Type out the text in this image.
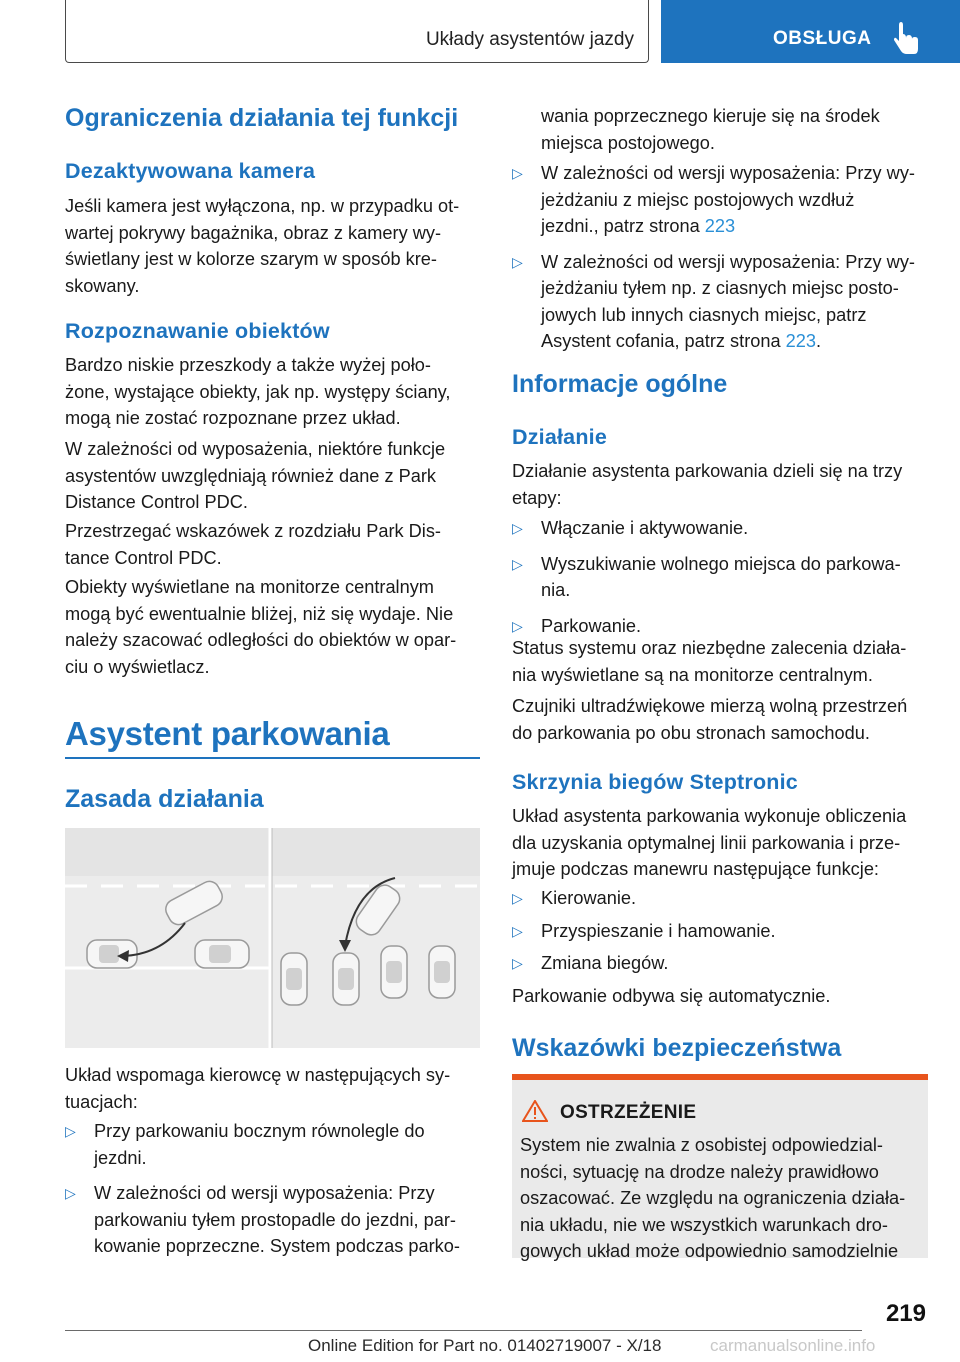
Układy asystentów jazdy	OBSŁUGA

Ograniczenia działania tej funkcji

Dezaktywowana kamera

Jeśli kamera jest wyłączona, np. w przypadku ot-

wartej pokrywy bagażnika, obraz z kamery wy-

świetlany jest w kolorze szarym w sposób kre-

skowany.

Rozpoznawanie obiektów

Bardzo niskie przeszkody a także wyżej poło-

żone, wystające obiekty, jak np. występy ściany,

mogą nie zostać rozpoznane przez układ.

W zależności od wyposażenia, niektóre funkcje

asystentów uwzględniają również dane z Park

Distance Control PDC.

Przestrzegać wskazówek z rozdziału Park Dis-

tance Control PDC.

Obiekty wyświetlane na monitorze centralnym

mogą być ewentualnie bliżej, niż się wydaje. Nie

należy szacować odległości do obiektów w opar-

ciu o wyświetlacz.

Asystent parkowania

Zasada działania

Układ wspomaga kierowcę w następujących sy-

tuacjach:

▷ Przy parkowaniu bocznym równolegle do
jezdni.
▷ W zależności od wersji wyposażenia: Przy
parkowaniu tyłem prostopadle do jezdni, par-
kowanie poprzeczne. System podczas parko-

wania poprzecznego kieruje się na środek

miejsca postojowego.

▷ W zależności od wersji wyposażenia: Przy wy-
jeżdżaniu z miejsc postojowych wzdłuż
jezdni., patrz strona 223
▷ W zależności od wersji wyposażenia: Przy wy-
jeżdżaniu tyłem np. z ciasnych miejsc posto-
jowych lub innych ciasnych miejsc, patrz
Asystent cofania, patrz strona 223.

Informacje ogólne

Działanie

Działanie asystenta parkowania dzieli się na trzy

etapy:

▷ Włączanie i aktywowanie.
▷ Wyszukiwanie wolnego miejsca do parkowa-
nia.
▷ Parkowanie.

Status systemu oraz niezbędne zalecenia działa-

nia wyświetlane są na monitorze centralnym.

Czujniki ultradźwiękowe mierzą wolną przestrzeń

do parkowania po obu stronach samochodu.

Skrzynia biegów Steptronic

Układ asystenta parkowania wykonuje obliczenia

dla uzyskania optymalnej linii parkowania i prze-

jmuje podczas manewru następujące funkcje:

▷ Kierowanie.
▷ Przyspieszanie i hamowanie.
▷ Zmiana biegów.

Parkowanie odbywa się automatycznie.

Wskazówki bezpieczeństwa

OSTRZEŻENIE

System nie zwalnia z osobistej odpowiedzial-

ności, sytuację na drodze należy prawidłowo

oszacować. Ze względu na ograniczenia działa-

nia układu, nie we wszystkich warunkach dro-

gowych układ może odpowiednio samodzielnie

219
Online Edition for Part no. 01402719007 - X/18	carmanualsonline.info
